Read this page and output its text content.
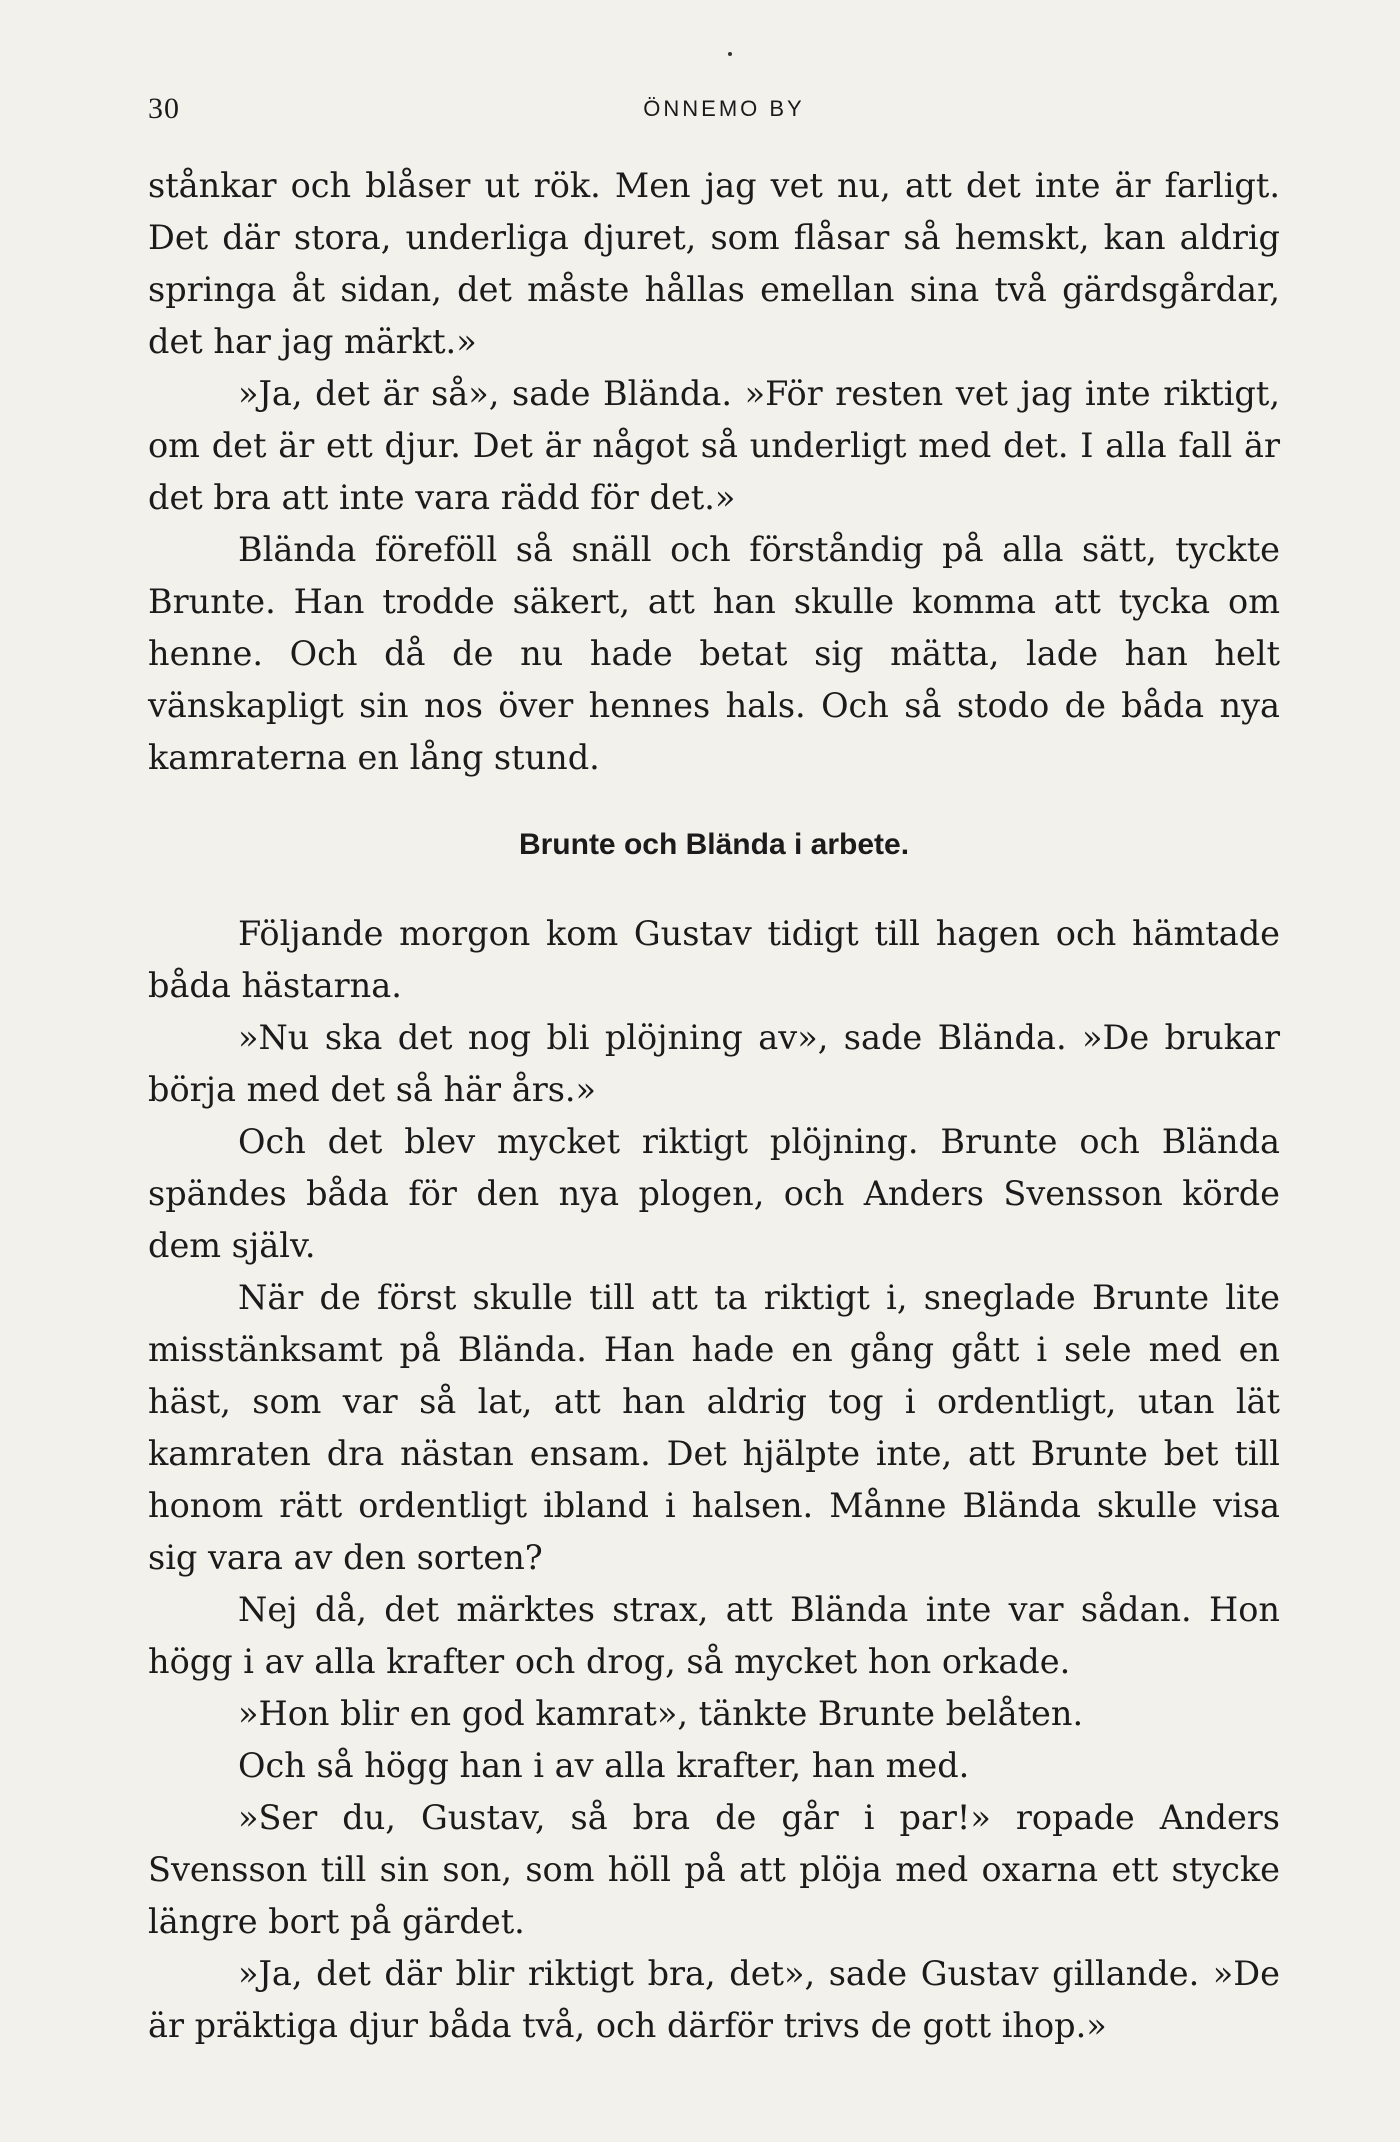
30	ÖNNEMO BY

stånkar och blåser ut rök. Men jag vet nu, att det inte är farligt. Det där stora, underliga djuret, som flåsar så hemskt, kan aldrig springa åt sidan, det måste hållas emellan sina två gärdsgårdar, det har jag märkt.»

»Ja, det är så», sade Blända. »För resten vet jag inte riktigt, om det är ett djur. Det är något så underligt med det. I alla fall är det bra att inte vara rädd för det.»

Blända föreföll så snäll och förståndig på alla sätt, tyckte Brunte. Han trodde säkert, att han skulle komma att tycka om henne. Och då de nu hade betat sig mätta, lade han helt vänskapligt sin nos över hennes hals. Och så stodo de båda nya kamraterna en lång stund.

Brunte och Blända i arbete.

Följande morgon kom Gustav tidigt till hagen och hämtade båda hästarna.

»Nu ska det nog bli plöjning av», sade Blända. »De brukar börja med det så här års.»

Och det blev mycket riktigt plöjning. Brunte och Blända spändes båda för den nya plogen, och Anders Svensson körde dem själv.

När de först skulle till att ta riktigt i, sneglade Brunte lite misstänksamt på Blända. Han hade en gång gått i sele med en häst, som var så lat, att han aldrig tog i ordentligt, utan lät kamraten dra nästan ensam. Det hjälpte inte, att Brunte bet till honom rätt ordentligt ibland i halsen. Månne Blända skulle visa sig vara av den sorten?

Nej då, det märktes strax, att Blända inte var sådan. Hon högg i av alla krafter och drog, så mycket hon orkade.

»Hon blir en god kamrat», tänkte Brunte belåten.

Och så högg han i av alla krafter, han med.

»Ser du, Gustav, så bra de går i par!» ropade Anders Svensson till sin son, som höll på att plöja med oxarna ett stycke längre bort på gärdet.

»Ja, det där blir riktigt bra, det», sade Gustav gillande. »De är präktiga djur båda två, och därför trivs de gott ihop.»
